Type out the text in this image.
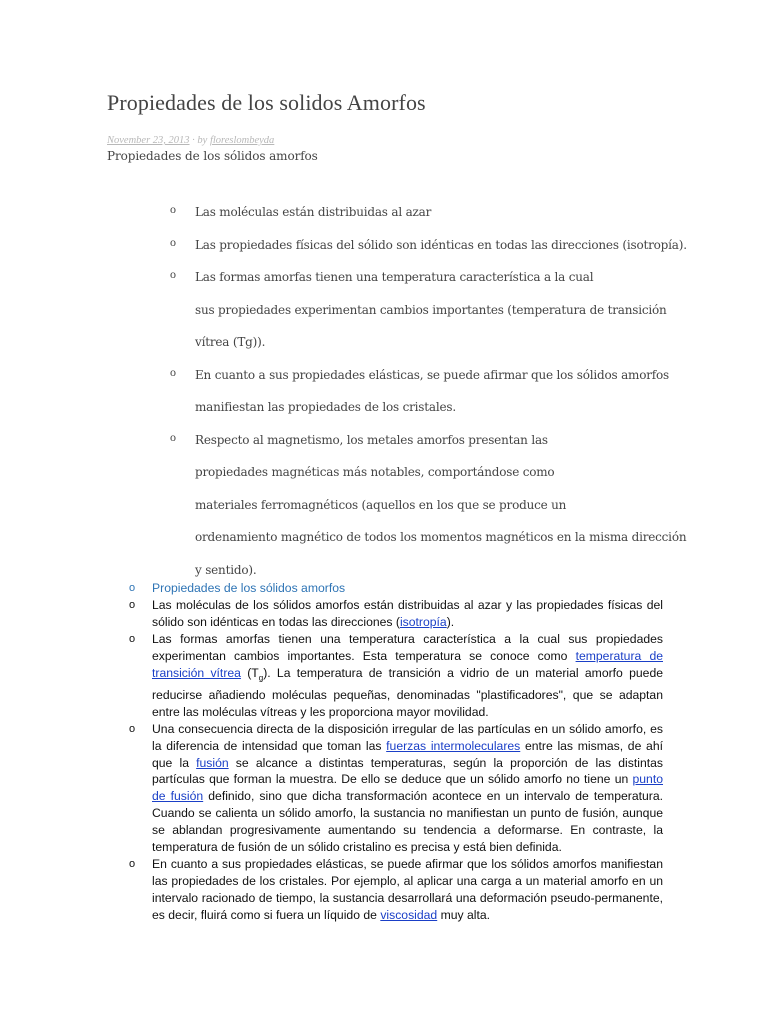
Propiedades de los solidos Amorfos
November 23, 2013 · by floreslombeyda
Propiedades de los sólidos amorfos
o Las moléculas están distribuidas al azar
o Las propiedades físicas del sólido son idénticas en todas las direcciones (isotropía).
o Las formas amorfas tienen una temperatura característica a la cual
sus propiedades experimentan cambios importantes (temperatura de transición
vítrea (Tg)).
o En cuanto a sus propiedades elásticas, se puede afirmar que los sólidos amorfos
manifiestan las propiedades de los cristales.
o Respecto al magnetismo, los metales amorfos presentan las
propiedades magnéticas más notables, comportándose como
materiales ferromagnéticos (aquellos en los que se produce un
ordenamiento magnético de todos los momentos magnéticos en la misma dirección
y sentido).
o Propiedades de los sólidos amorfos
o Las moléculas de los sólidos amorfos están distribuidas al azar y las propiedades físicas del sólido son idénticas en todas las direcciones (isotropía).
o Las formas amorfas tienen una temperatura característica a la cual sus propiedades experimentan cambios importantes. Esta temperatura se conoce como temperatura de transición vítrea $(T_g)$. La temperatura de transición a vidrio de un material amorfo puede reducirse añadiendo moléculas pequeñas, denominadas "plastificadores", que se adaptan entre las moléculas vítreas y les proporciona mayor movilidad.
o Una consecuencia directa de la disposición irregular de las partículas en un sólido amorfo, es la diferencia de intensidad que toman las fuerzas intermoleculares entre las mismas, de ahí que la fusión se alcance a distintas temperaturas, según la proporción de las distintas partículas que forman la muestra. De ello se deduce que un sólido amorfo no tiene un punto de fusión definido, sino que dicha transformación acontece en un intervalo de temperatura. Cuando se calienta un sólido amorfo, la sustancia no manifiestan un punto de fusión, aunque se ablandan progresivamente aumentando su tendencia a deformarse. En contraste, la temperatura de fusión de un sólido cristalino es precisa y está bien definida.
o En cuanto a sus propiedades elásticas, se puede afirmar que los sólidos amorfos manifiestan las propiedades de los cristales. Por ejemplo, al aplicar una carga a un material amorfo en un intervalo racionado de tiempo, la sustancia desarrollará una deformación pseudo-permanente, es decir, fluirá como si fuera un líquido de viscosidad muy alta.
